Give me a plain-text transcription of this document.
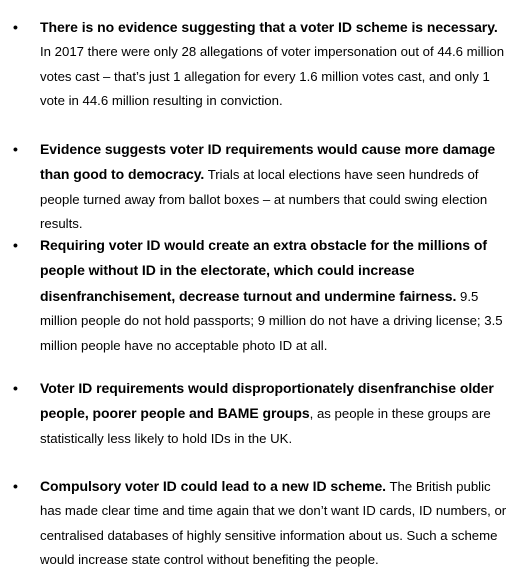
•	There is no evidence suggesting that a voter ID scheme is necessary. In 2017 there were only 28 allegations of voter impersonation out of 44.6 million votes cast – that’s just 1 allegation for every 1.6 million votes cast, and only 1 vote in 44.6 million resulting in conviction.
•	Evidence suggests voter ID requirements would cause more damage than good to democracy. Trials at local elections have seen hundreds of people turned away from ballot boxes – at numbers that could swing election results.
•	Requiring voter ID would create an extra obstacle for the millions of people without ID in the electorate, which could increase disenfranchisement, decrease turnout and undermine fairness. 9.5 million people do not hold passports; 9 million do not have a driving license; 3.5 million people have no acceptable photo ID at all.
•	Voter ID requirements would disproportionately disenfranchise older people, poorer people and BAME groups, as people in these groups are statistically less likely to hold IDs in the UK.
•	Compulsory voter ID could lead to a new ID scheme. The British public has made clear time and time again that we don’t want ID cards, ID numbers, or centralised databases of highly sensitive information about us. Such a scheme would increase state control without benefiting the people.
